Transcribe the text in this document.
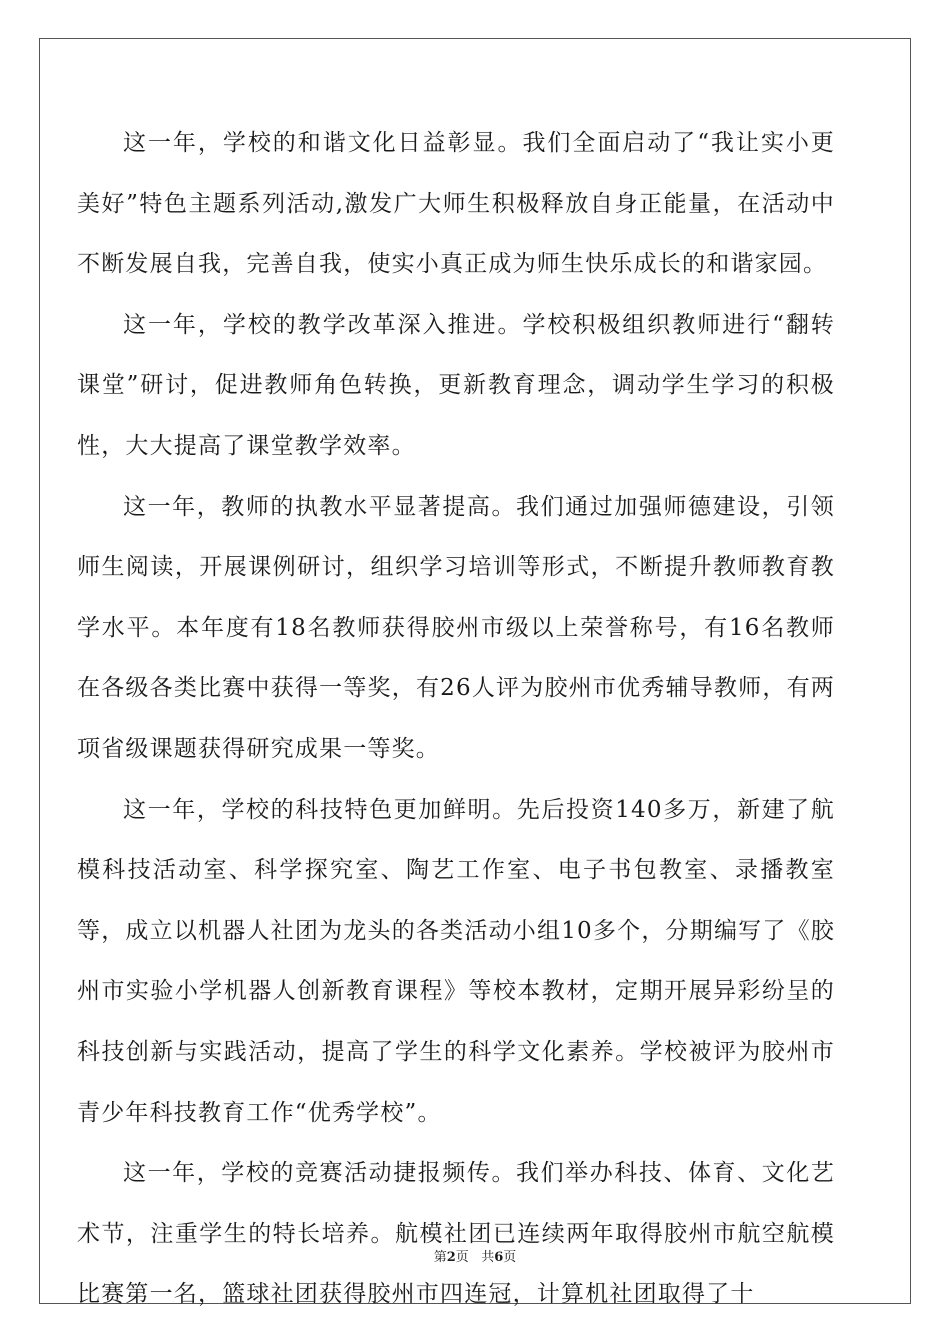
这一年，学校的和谐文化日益彰显。我们全面启动了“我让实小更美好”特色主题系列活动,激发广大师生积极释放自身正能量，在活动中不断发展自我，完善自我，使实小真正成为师生快乐成长的和谐家园。

这一年，学校的教学改革深入推进。学校积极组织教师进行“翻转课堂”研讨，促进教师角色转换，更新教育理念，调动学生学习的积极性，大大提高了课堂教学效率。

这一年，教师的执教水平显著提高。我们通过加强师德建设，引领师生阅读，开展课例研讨，组织学习培训等形式，不断提升教师教育教学水平。本年度有18名教师获得胶州市级以上荣誉称号，有16名教师在各级各类比赛中获得一等奖，有26人评为胶州市优秀辅导教师，有两项省级课题获得研究成果一等奖。

这一年，学校的科技特色更加鲜明。先后投资140多万，新建了航模科技活动室、科学探究室、陶艺工作室、电子书包教室、录播教室等，成立以机器人社团为龙头的各类活动小组10多个，分期编写了《胶州市实验小学机器人创新教育课程》等校本教材，定期开展异彩纷呈的科技创新与实践活动，提高了学生的科学文化素养。学校被评为胶州市青少年科技教育工作“优秀学校”。

这一年，学校的竞赛活动捷报频传。我们举办科技、体育、文化艺术节，注重学生的特长培养。航模社团已连续两年取得胶州市航空航模比赛第一名，篮球社团获得胶州市四连冠，计算机社团取得了十

第2页 共6页
